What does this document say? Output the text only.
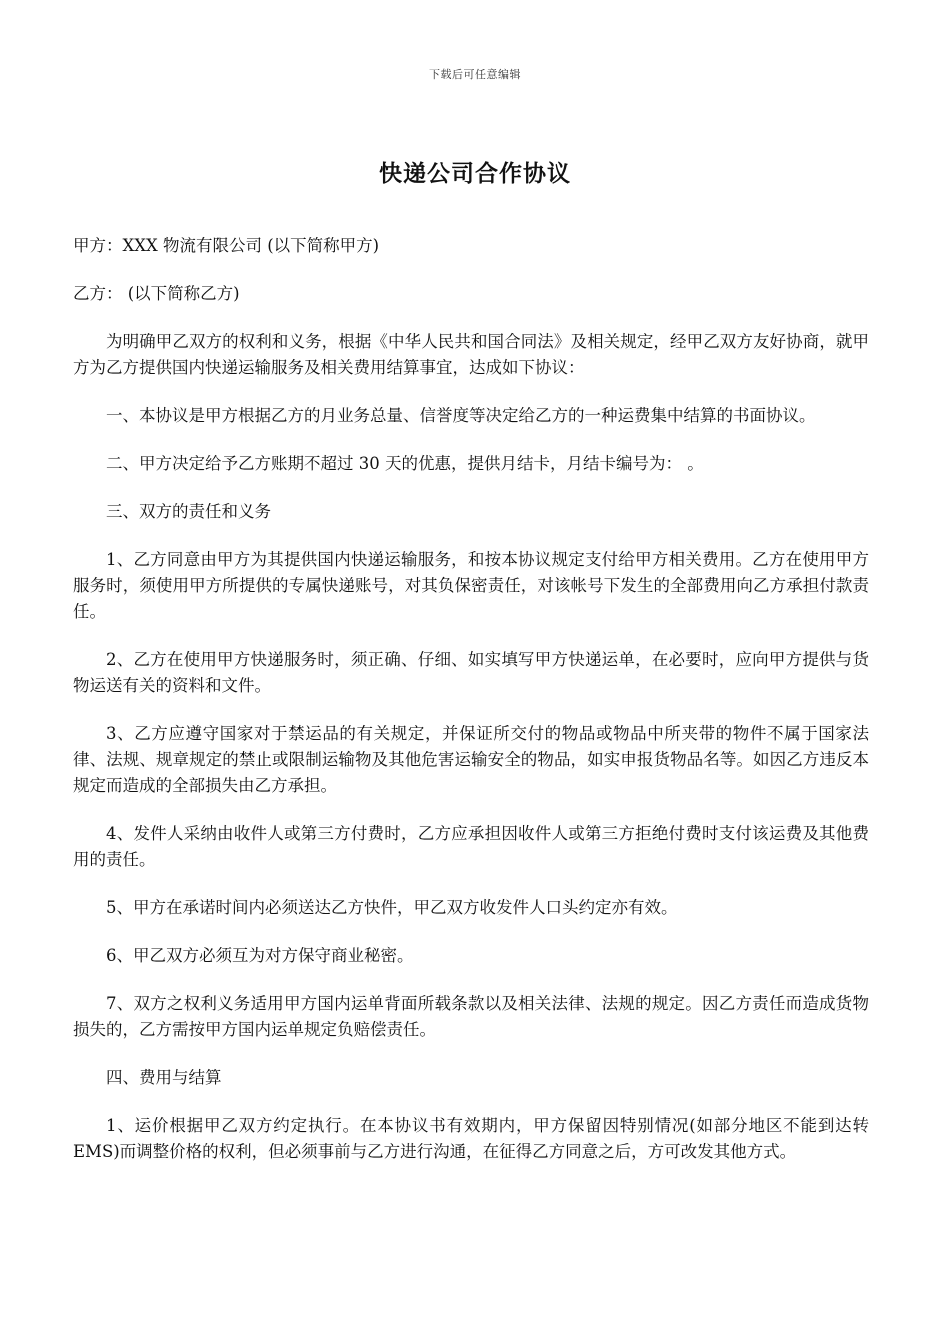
下载后可任意编辑
快递公司合作协议

甲方：XXX 物流有限公司 (以下简称甲方)

乙方： (以下简称乙方)

为明确甲乙双方的权利和义务，根据《中华人民共和国合同法》及相关规定，经甲乙双方友好协商，就甲方为乙方提供国内快递运输服务及相关费用结算事宜，达成如下协议：

一、本协议是甲方根据乙方的月业务总量、信誉度等决定给乙方的一种运费集中结算的书面协议。

二、甲方决定给予乙方账期不超过 30 天的优惠，提供月结卡，月结卡编号为： 。

三、双方的责任和义务

1、乙方同意由甲方为其提供国内快递运输服务，和按本协议规定支付给甲方相关费用。乙方在使用甲方服务时，须使用甲方所提供的专属快递账号，对其负保密责任，对该帐号下发生的全部费用向乙方承担付款责任。

2、乙方在使用甲方快递服务时，须正确、仔细、如实填写甲方快递运单，在必要时，应向甲方提供与货物运送有关的资料和文件。

3、乙方应遵守国家对于禁运品的有关规定，并保证所交付的物品或物品中所夹带的物件不属于国家法律、法规、规章规定的禁止或限制运输物及其他危害运输安全的物品，如实申报货物品名等。如因乙方违反本规定而造成的全部损失由乙方承担。

4、发件人采纳由收件人或第三方付费时，乙方应承担因收件人或第三方拒绝付费时支付该运费及其他费用的责任。

5、甲方在承诺时间内必须送达乙方快件，甲乙双方收发件人口头约定亦有效。

6、甲乙双方必须互为对方保守商业秘密。

7、双方之权利义务适用甲方国内运单背面所载条款以及相关法律、法规的规定。因乙方责任而造成货物损失的，乙方需按甲方国内运单规定负赔偿责任。

四、费用与结算

1、运价根据甲乙双方约定执行。在本协议书有效期内，甲方保留因特别情况(如部分地区不能到达转 EMS)而调整价格的权利，但必须事前与乙方进行沟通，在征得乙方同意之后，方可改发其他方式。
